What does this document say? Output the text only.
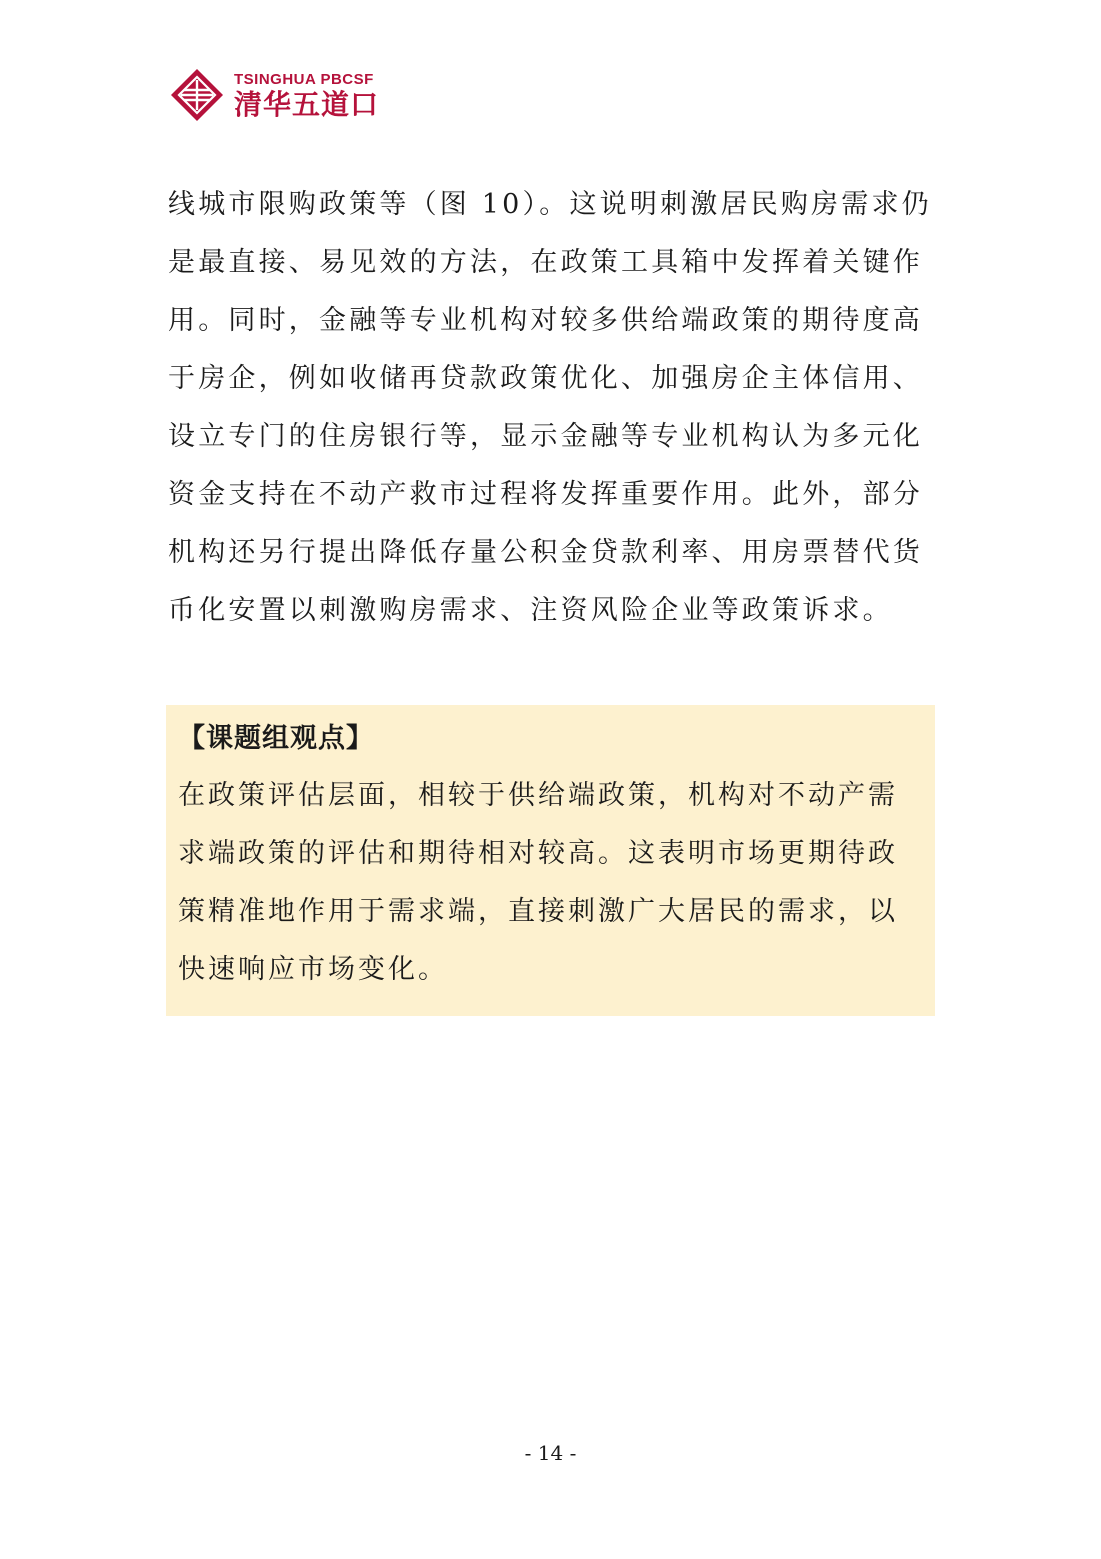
TSINGHUA PBCSF
清华五道口

线城市限购政策等（图 10）。这说明刺激居民购房需求仍是最直接、易见效的方法，在政策工具箱中发挥着关键作用。同时，金融等专业机构对较多供给端政策的期待度高于房企，例如收储再贷款政策优化、加强房企主体信用、设立专门的住房银行等，显示金融等专业机构认为多元化资金支持在不动产救市过程将发挥重要作用。此外，部分机构还另行提出降低存量公积金贷款利率、用房票替代货币化安置以刺激购房需求、注资风险企业等政策诉求。

【课题组观点】

在政策评估层面，相较于供给端政策，机构对不动产需求端政策的评估和期待相对较高。这表明市场更期待政策精准地作用于需求端，直接刺激广大居民的需求，以快速响应市场变化。

- 14 -
